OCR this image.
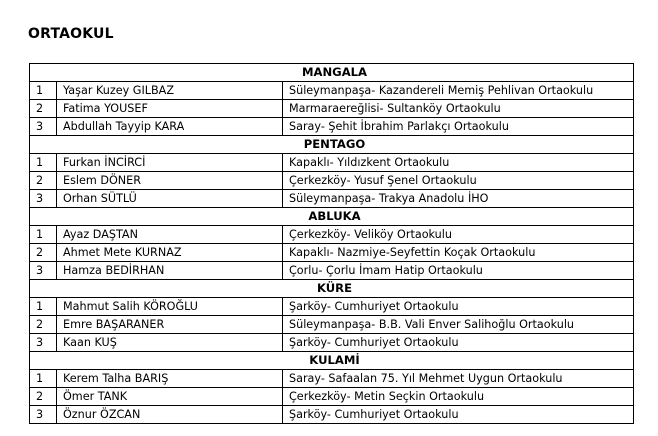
ORTAOKUL
MANGALA		
1	Yaşar Kuzey GILBAZ	Süleymanpaşa- Kazandereli Memiş Pehlivan Ortaokulu
2	Fatima YOUSEF	Marmaraereğlisi- Sultanköy Ortaokulu
3	Abdullah Tayyip KARA	Saray- Şehit İbrahim Parlakçı Ortaokulu
PENTAGO		
1	Furkan İNCİRCİ	Kapaklı- Yıldızkent Ortaokulu
2	Eslem DÖNER	Çerkezköy- Yusuf Şenel Ortaokulu
3	Orhan SÜTLÜ	Süleymanpaşa- Trakya Anadolu İHO
ABLUKA		
1	Ayaz DAŞTAN	Çerkezköy- Veliköy Ortaokulu
2	Ahmet Mete KURNAZ	Kapaklı- Nazmiye-Seyfettin Koçak Ortaokulu
3	Hamza BEDİRHAN	Çorlu- Çorlu İmam Hatip Ortaokulu
KÜRE		
1	Mahmut Salih KÖROĞLU	Şarköy- Cumhuriyet Ortaokulu
2	Emre BAŞARANER	Süleymanpaşa- B.B. Vali Enver Salihoğlu Ortaokulu
3	Kaan KUŞ	Şarköy- Cumhuriyet Ortaokulu
KULAMİ		
1	Kerem Talha BARIŞ	Saray- Safaalan 75. Yıl Mehmet Uygun Ortaokulu
2	Ömer TANK	Çerkezköy- Metin Seçkin Ortaokulu
3	Öznur ÖZCAN	Şarköy- Cumhuriyet Ortaokulu
